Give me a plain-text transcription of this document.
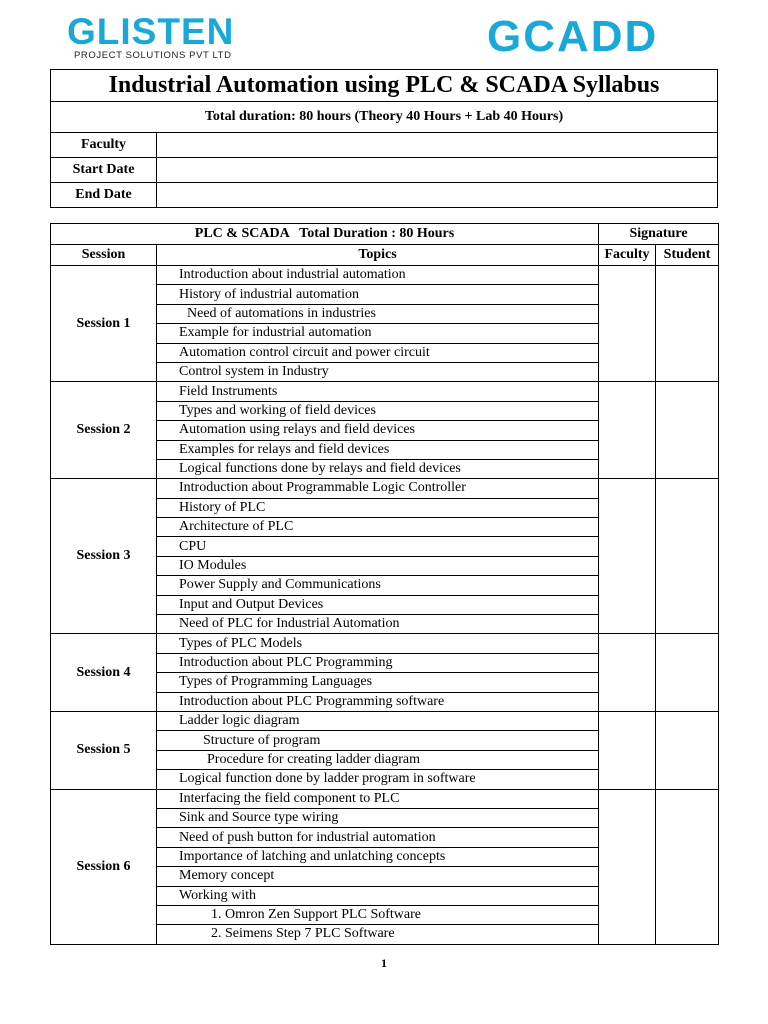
GLISTEN
PROJECT SOLUTIONS PVT LTD	GCADD
Industrial Automation using PLC & SCADA Syllabus
Total duration: 80 hours (Theory 40 Hours + Lab 40 Hours)
Faculty
Start Date
End Date
PLC & SCADA   Total Duration : 80 Hours		Signature	
Session	Topics	Faculty	Student
Session 1	Introduction about industrial automation		
	History of industrial automation		
	Need of automations in industries		
	Example for industrial automation		
	Automation control circuit and power circuit		
	Control system in Industry		
Session 2	Field Instruments		
	Types and working of field devices		
	Automation using relays and field devices		
	Examples for relays and field devices		
	Logical functions done by relays and field devices		
Session 3	Introduction about Programmable Logic Controller		
	History of PLC		
	Architecture of PLC		
	CPU		
	IO Modules		
	Power Supply and Communications		
	Input and Output Devices		
	Need of PLC for Industrial Automation		
Session 4	Types of PLC Models		
	Introduction about PLC Programming		
	Types of Programming Languages		
	Introduction about PLC Programming software		
Session 5	Ladder logic diagram		
	Structure of program		
	Procedure for creating ladder diagram		
	Logical function done by ladder program in software		
Session 6	Interfacing the field component to PLC		
	Sink and Source type wiring		
	Need of push button for industrial automation		
	Importance of latching and unlatching concepts		
	Memory concept		
	Working with		
	1. Omron Zen Support PLC Software		
	2. Seimens Step 7 PLC Software		
1
